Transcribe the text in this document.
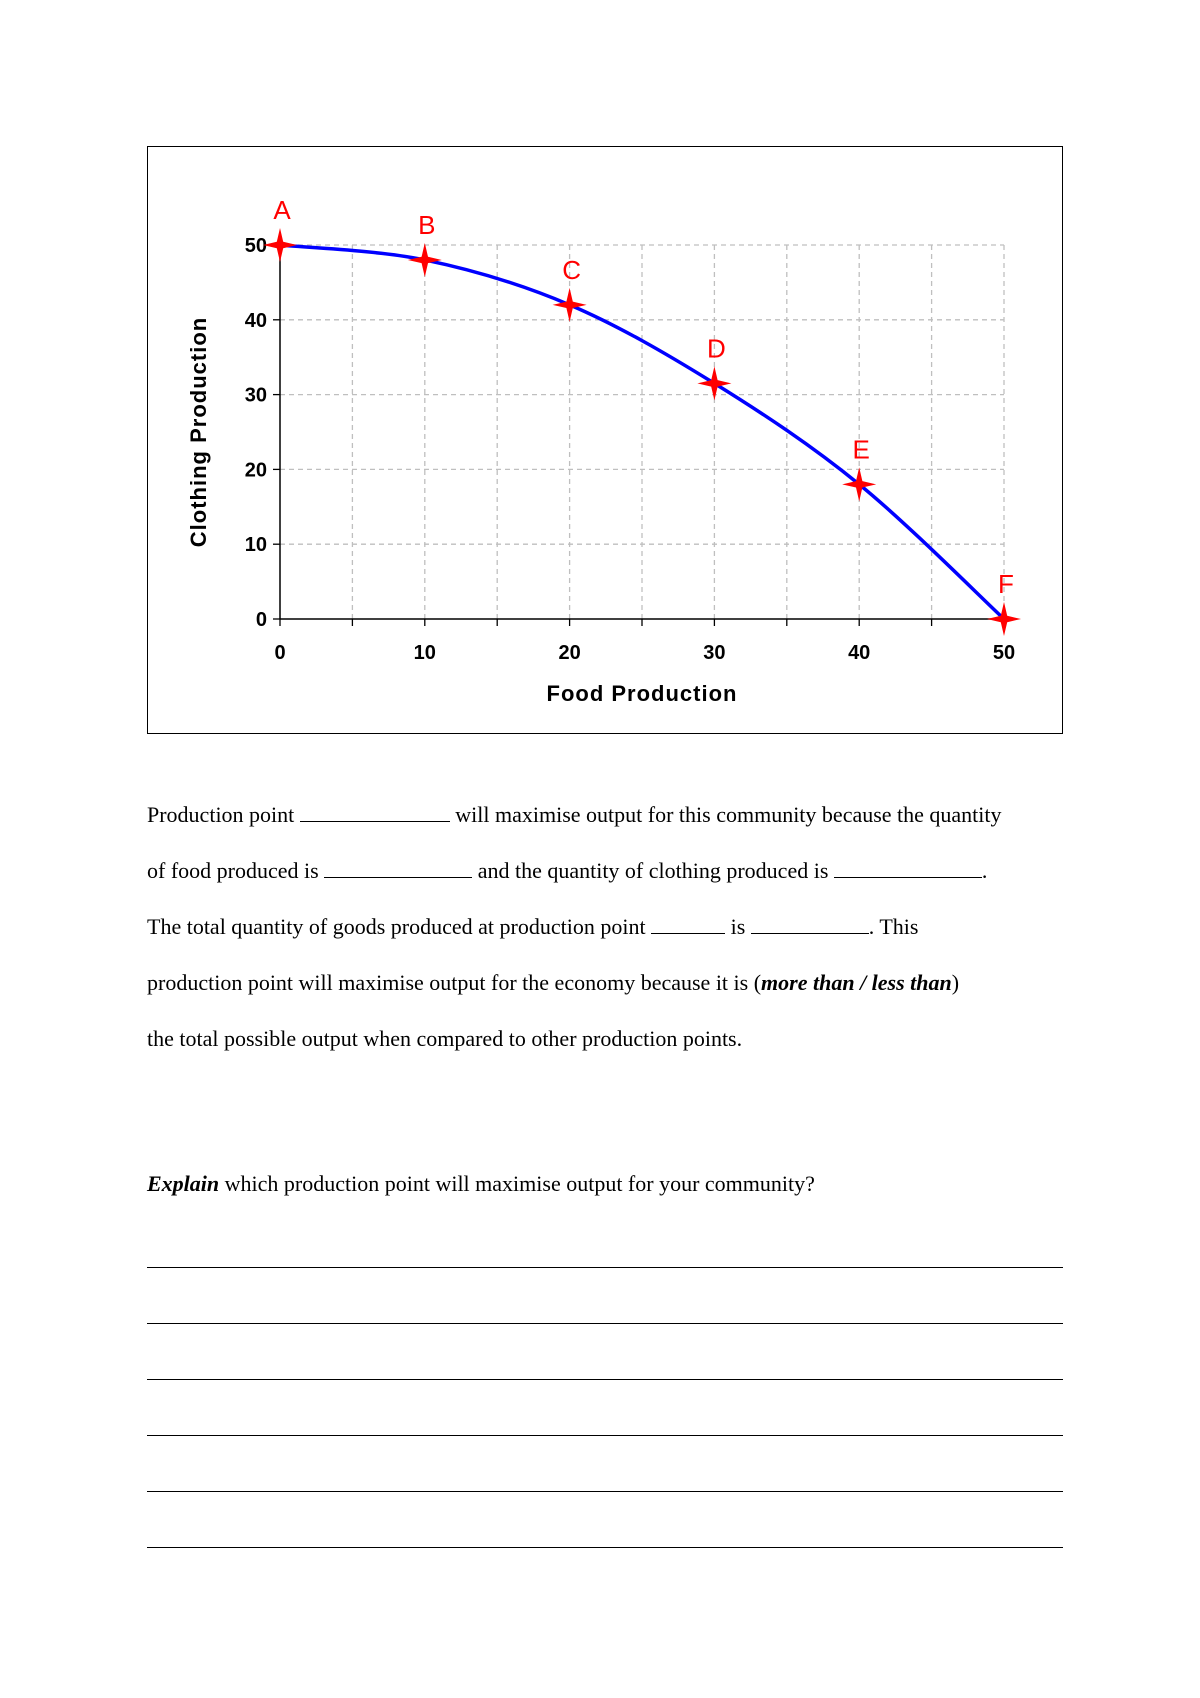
0	10	20	30	40	50
0
10
20
30
40
50
Food Production
Clothing Production
A	B
C
D
E
F
Production point	will maximise output for this community because the quantity
of food produced is	and the quantity of clothing produced is	.
The total quantity of goods produced at production point	is	. This
production point will maximise output for the economy because it is (more than / less than)
the total possible output when compared to other production points.
Explain which production point will maximise output for your community?
